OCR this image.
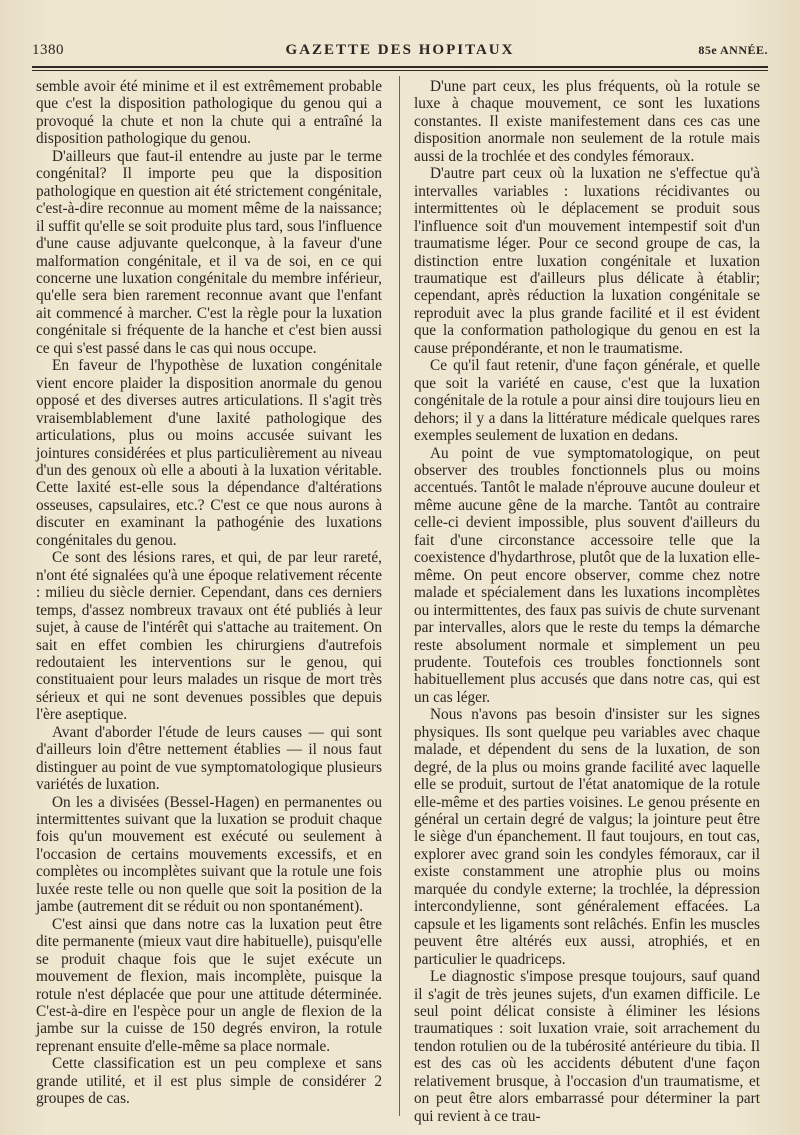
1380	GAZETTE DES HOPITAUX	85e ANNÉE.

semble avoir été minime et il est extrêmement probable que c'est la disposition pathologique du genou qui a provoqué la chute et non la chute qui a entraîné la disposition pathologique du genou.

D'ailleurs que faut-il entendre au juste par le terme congénital? Il importe peu que la disposition pathologique en question ait été strictement congénitale, c'est-à-dire reconnue au moment même de la naissance; il suffit qu'elle se soit produite plus tard, sous l'influence d'une cause adjuvante quelconque, à la faveur d'une malformation congénitale, et il va de soi, en ce qui concerne une luxation congénitale du membre inférieur, qu'elle sera bien rarement reconnue avant que l'enfant ait commencé à marcher. C'est la règle pour la luxation congénitale si fréquente de la hanche et c'est bien aussi ce qui s'est passé dans le cas qui nous occupe.

En faveur de l'hypothèse de luxation congénitale vient encore plaider la disposition anormale du genou opposé et des diverses autres articulations. Il s'agit très vraisemblablement d'une laxité pathologique des articulations, plus ou moins accusée suivant les jointures considérées et plus particulièrement au niveau d'un des genoux où elle a abouti à la luxation véritable. Cette laxité est-elle sous la dépendance d'altérations osseuses, capsulaires, etc.? C'est ce que nous aurons à discuter en examinant la pathogénie des luxations congénitales du genou.

Ce sont des lésions rares, et qui, de par leur rareté, n'ont été signalées qu'à une époque relativement récente : milieu du siècle dernier. Cependant, dans ces derniers temps, d'assez nombreux travaux ont été publiés à leur sujet, à cause de l'intérêt qui s'attache au traitement. On sait en effet combien les chirurgiens d'autrefois redoutaient les interventions sur le genou, qui constituaient pour leurs malades un risque de mort très sérieux et qui ne sont devenues possibles que depuis l'ère aseptique.

Avant d'aborder l'étude de leurs causes — qui sont d'ailleurs loin d'être nettement établies — il nous faut distinguer au point de vue symptomatologique plusieurs variétés de luxation.

On les a divisées (Bessel-Hagen) en permanentes ou intermittentes suivant que la luxation se produit chaque fois qu'un mouvement est exécuté ou seulement à l'occasion de certains mouvements excessifs, et en complètes ou incomplètes suivant que la rotule une fois luxée reste telle ou non quelle que soit la position de la jambe (autrement dit se réduit ou non spontanément).

C'est ainsi que dans notre cas la luxation peut être dite permanente (mieux vaut dire habituelle), puisqu'elle se produit chaque fois que le sujet exécute un mouvement de flexion, mais incomplète, puisque la rotule n'est déplacée que pour une attitude déterminée. C'est-à-dire en l'espèce pour un angle de flexion de la jambe sur la cuisse de 150 degrés environ, la rotule reprenant ensuite d'elle-même sa place normale.

Cette classification est un peu complexe et sans grande utilité, et il est plus simple de considérer 2 groupes de cas.

D'une part ceux, les plus fréquents, où la rotule se luxe à chaque mouvement, ce sont les luxations constantes. Il existe manifestement dans ces cas une disposition anormale non seulement de la rotule mais aussi de la trochlée et des condyles fémoraux.

D'autre part ceux où la luxation ne s'effectue qu'à intervalles variables : luxations récidivantes ou intermittentes où le déplacement se produit sous l'influence soit d'un mouvement intempestif soit d'un traumatisme léger. Pour ce second groupe de cas, la distinction entre luxation congénitale et luxation traumatique est d'ailleurs plus délicate à établir; cependant, après réduction la luxation congénitale se reproduit avec la plus grande facilité et il est évident que la conformation pathologique du genou en est la cause prépondérante, et non le traumatisme.

Ce qu'il faut retenir, d'une façon générale, et quelle que soit la variété en cause, c'est que la luxation congénitale de la rotule a pour ainsi dire toujours lieu en dehors; il y a dans la littérature médicale quelques rares exemples seulement de luxation en dedans.

Au point de vue symptomatologique, on peut observer des troubles fonctionnels plus ou moins accentués. Tantôt le malade n'éprouve aucune douleur et même aucune gêne de la marche. Tantôt au contraire celle-ci devient impossible, plus souvent d'ailleurs du fait d'une circonstance accessoire telle que la coexistence d'hydarthrose, plutôt que de la luxation elle-même. On peut encore observer, comme chez notre malade et spécialement dans les luxations incomplètes ou intermittentes, des faux pas suivis de chute survenant par intervalles, alors que le reste du temps la démarche reste absolument normale et simplement un peu prudente. Toutefois ces troubles fonctionnels sont habituellement plus accusés que dans notre cas, qui est un cas léger.

Nous n'avons pas besoin d'insister sur les signes physiques. Ils sont quelque peu variables avec chaque malade, et dépendent du sens de la luxation, de son degré, de la plus ou moins grande facilité avec laquelle elle se produit, surtout de l'état anatomique de la rotule elle-même et des parties voisines. Le genou présente en général un certain degré de valgus; la jointure peut être le siège d'un épanchement. Il faut toujours, en tout cas, explorer avec grand soin les condyles fémoraux, car il existe constamment une atrophie plus ou moins marquée du condyle externe; la trochlée, la dépression intercondylienne, sont généralement effacées. La capsule et les ligaments sont relâchés. Enfin les muscles peuvent être altérés eux aussi, atrophiés, et en particulier le quadriceps.

Le diagnostic s'impose presque toujours, sauf quand il s'agit de très jeunes sujets, d'un examen difficile. Le seul point délicat consiste à éliminer les lésions traumatiques : soit luxation vraie, soit arrachement du tendon rotulien ou de la tubérosité antérieure du tibia. Il est des cas où les accidents débutent d'une façon relativement brusque, à l'occasion d'un traumatisme, et on peut être alors embarrassé pour déterminer la part qui revient à ce trau-
